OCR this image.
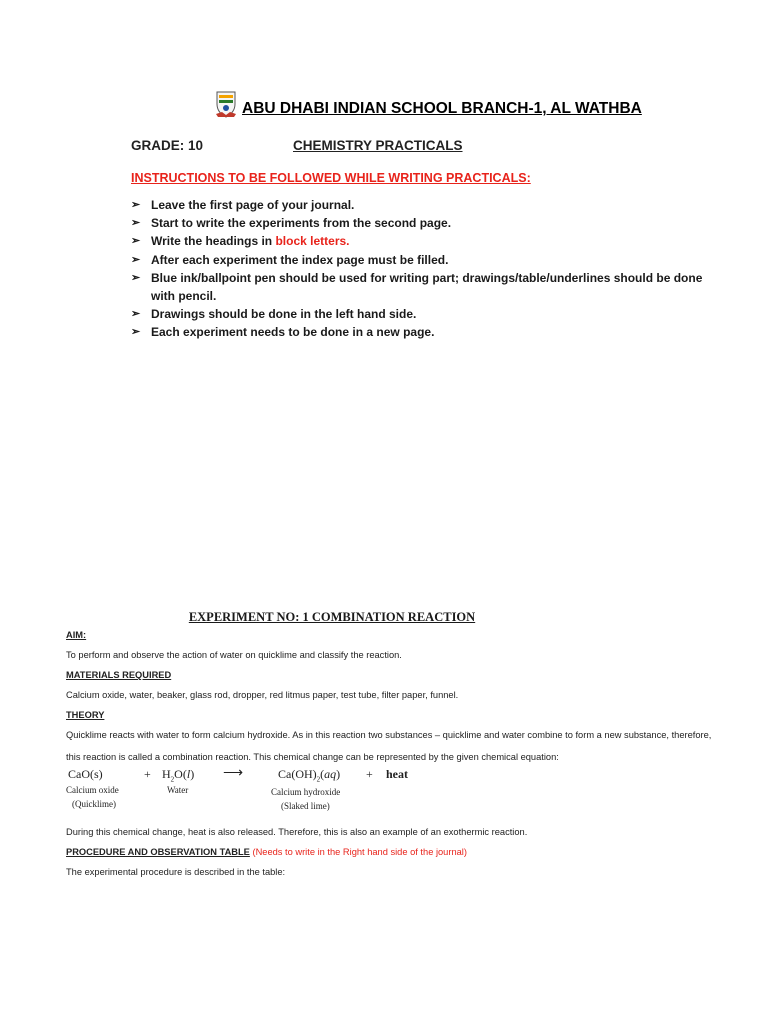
ABU DHABI INDIAN SCHOOL BRANCH-1, AL WATHBA
GRADE: 10	CHEMISTRY PRACTICALS
INSTRUCTIONS TO BE FOLLOWED WHILE WRITING PRACTICALS:
➢ Leave the first page of your journal.
➢ Start to write the experiments from the second page.
➢ Write the headings in block letters.
➢ After each experiment the index page must be filled.
➢ Blue ink/ballpoint pen should be used for writing part; drawings/table/underlines should be done with pencil.
➢ Drawings should be done in the left hand side.
➢ Each experiment needs to be done in a new page.
EXPERIMENT NO: 1 COMBINATION REACTION
AIM:
To perform and observe the action of water on quicklime and classify the reaction.
MATERIALS REQUIRED
Calcium oxide, water, beaker, glass rod, dropper, red litmus paper, test tube, filter paper, funnel.
THEORY
Quicklime reacts with water to form calcium hydroxide. As in this reaction two substances – quicklime and water combine to form a new substance, therefore, this reaction is called a combination reaction. This chemical change can be represented by the given chemical equation:
CaO(s)	+ $H_2O(l)$ ⟶	$Ca(OH)_2(aq)$ + heat
Calcium oxide
(Quicklime)
Water	Calcium hydroxide
(Slaked lime)
During this chemical change, heat is also released. Therefore, this is also an example of an exothermic reaction.
PROCEDURE AND OBSERVATION TABLE (Needs to write in the Right hand side of the journal)
The experimental procedure is described in the table:
